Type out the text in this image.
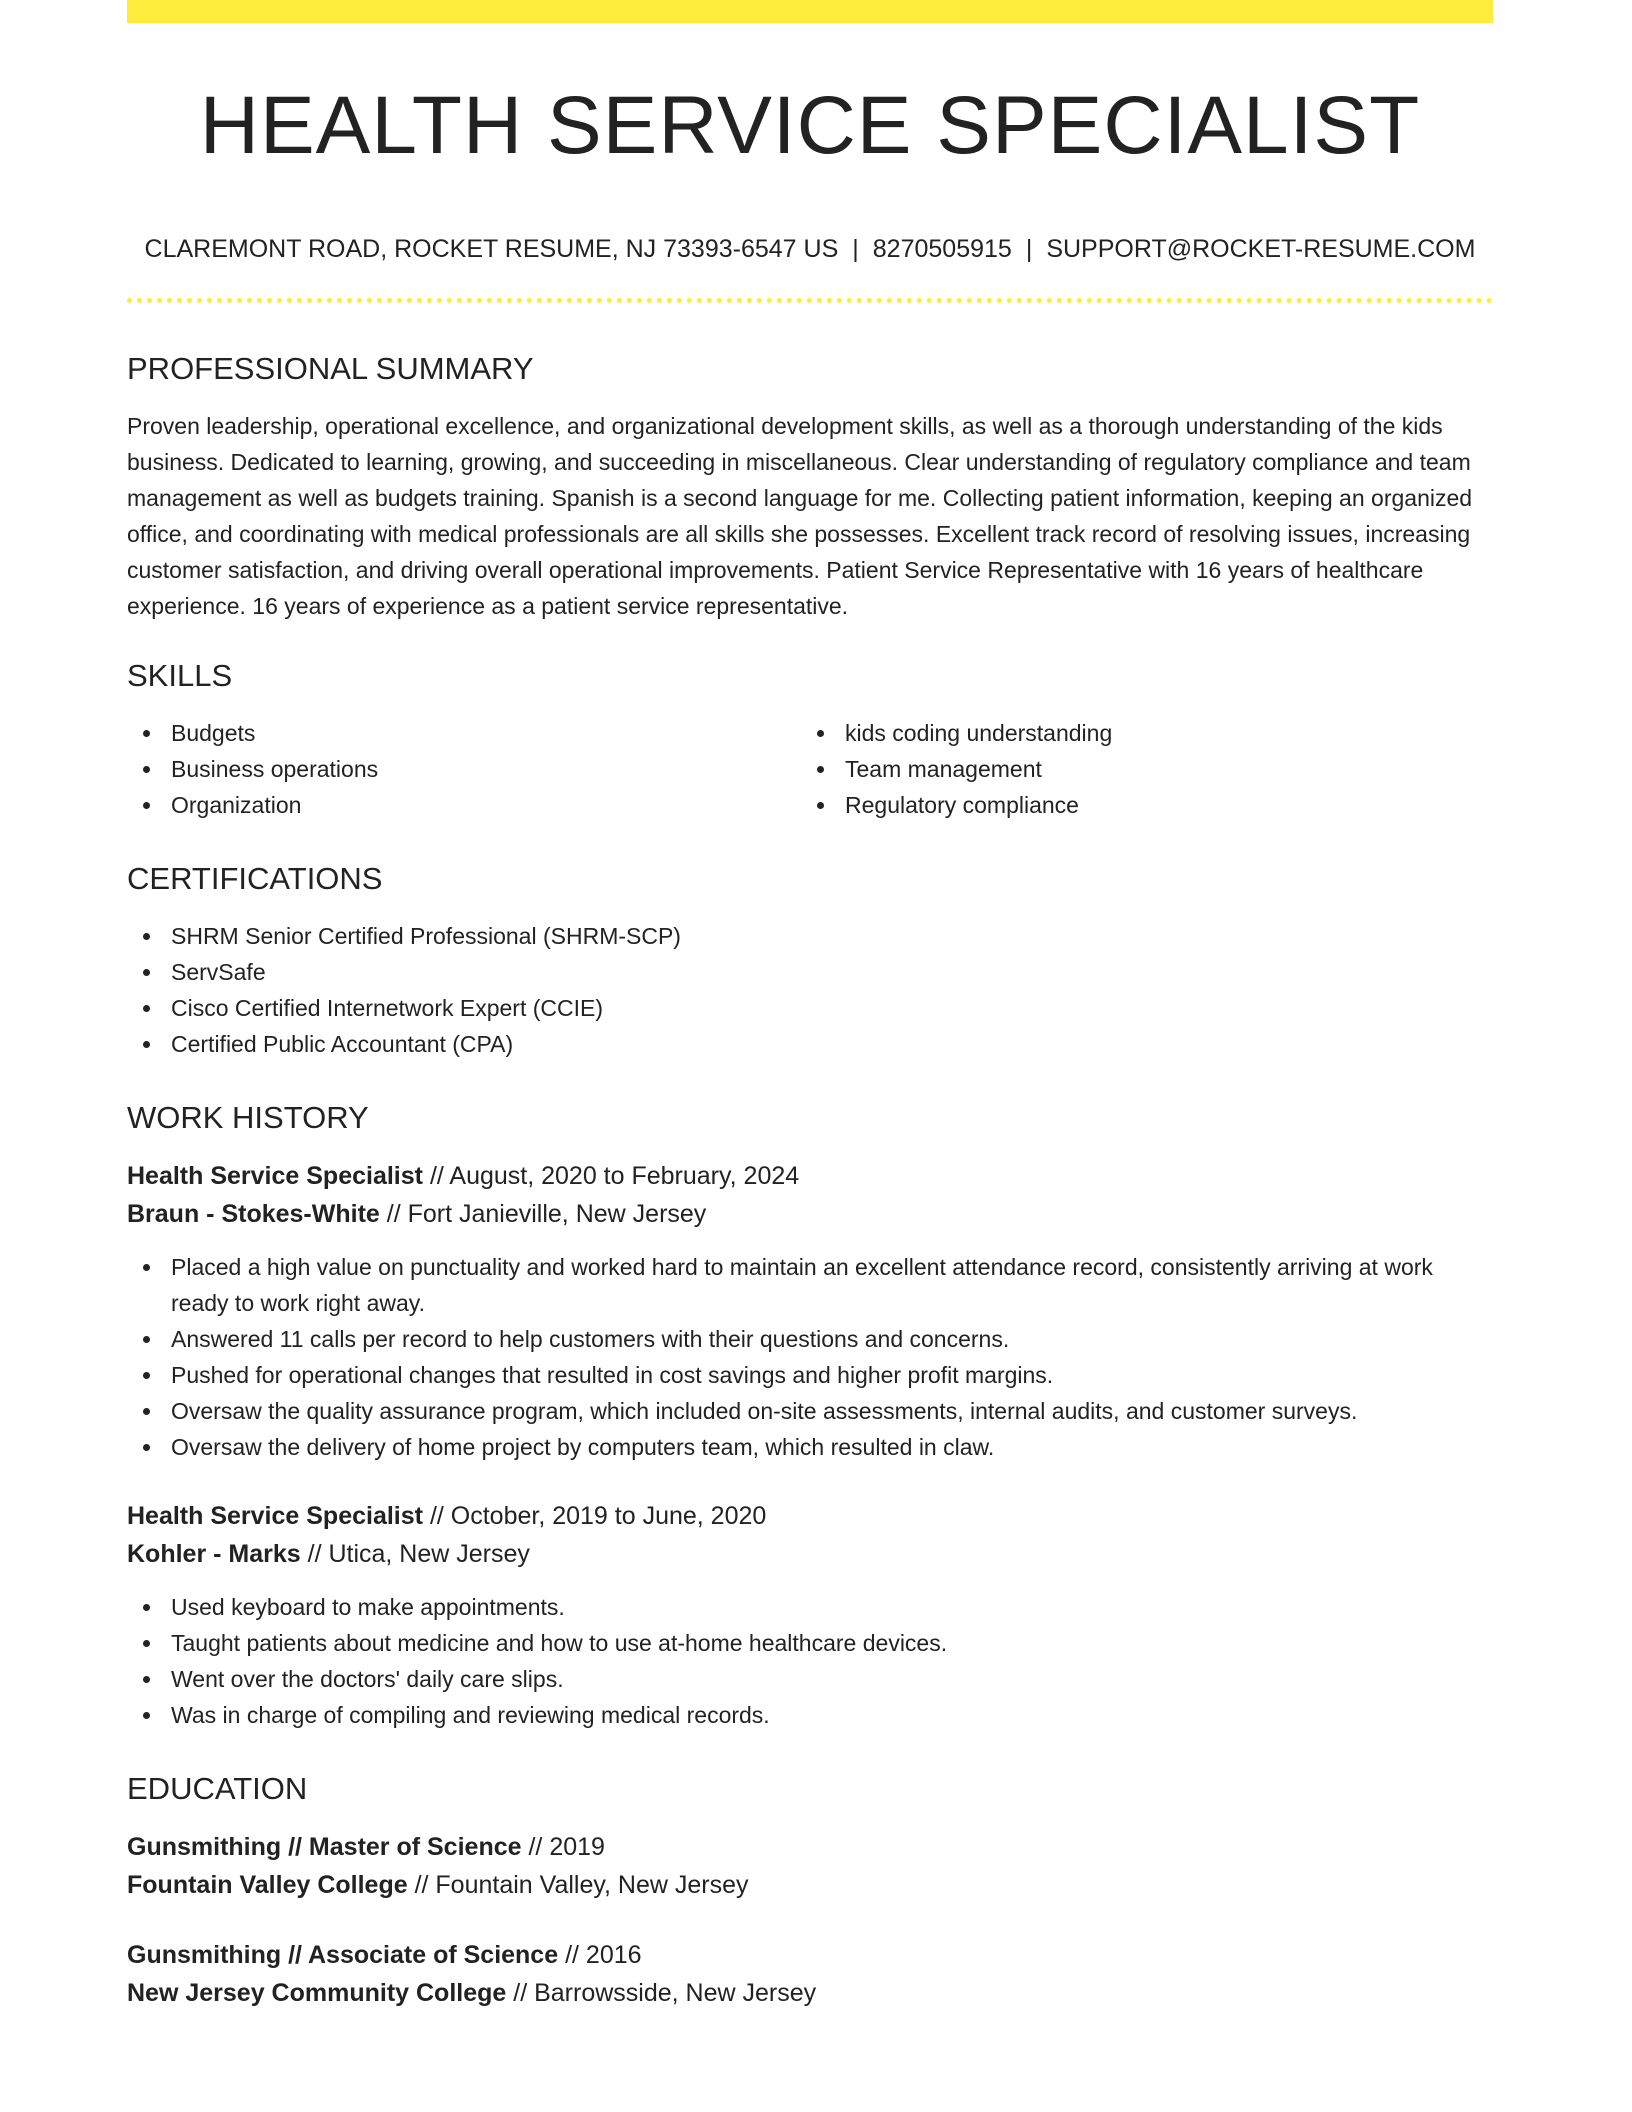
HEALTH SERVICE SPECIALIST
CLAREMONT ROAD, ROCKET RESUME, NJ 73393-6547 US | 8270505915 | SUPPORT@ROCKET-RESUME.COM
PROFESSIONAL SUMMARY

Proven leadership, operational excellence, and organizational development skills, as well as a thorough understanding of the kids business. Dedicated to learning, growing, and succeeding in miscellaneous. Clear understanding of regulatory compliance and team management as well as budgets training. Spanish is a second language for me. Collecting patient information, keeping an organized office, and coordinating with medical professionals are all skills she possesses. Excellent track record of resolving issues, increasing customer satisfaction, and driving overall operational improvements. Patient Service Representative with 16 years of healthcare experience. 16 years of experience as a patient service representative.

SKILLS
Budgets
Business operations
Organization
kids coding understanding
Team management
Regulatory compliance
CERTIFICATIONS
SHRM Senior Certified Professional (SHRM-SCP)
ServSafe
Cisco Certified Internetwork Expert (CCIE)
Certified Public Accountant (CPA)
WORK HISTORY
Health Service Specialist // August, 2020 to February, 2024
Braun - Stokes-White // Fort Janieville, New Jersey
Placed a high value on punctuality and worked hard to maintain an excellent attendance record, consistently arriving at work ready to work right away.
Answered 11 calls per record to help customers with their questions and concerns.
Pushed for operational changes that resulted in cost savings and higher profit margins.
Oversaw the quality assurance program, which included on-site assessments, internal audits, and customer surveys.
Oversaw the delivery of home project by computers team, which resulted in claw.
Health Service Specialist // October, 2019 to June, 2020
Kohler - Marks // Utica, New Jersey
Used keyboard to make appointments.
Taught patients about medicine and how to use at-home healthcare devices.
Went over the doctors' daily care slips.
Was in charge of compiling and reviewing medical records.
EDUCATION
Gunsmithing // Master of Science // 2019
Fountain Valley College // Fountain Valley, New Jersey
Gunsmithing // Associate of Science // 2016
New Jersey Community College // Barrowsside, New Jersey
